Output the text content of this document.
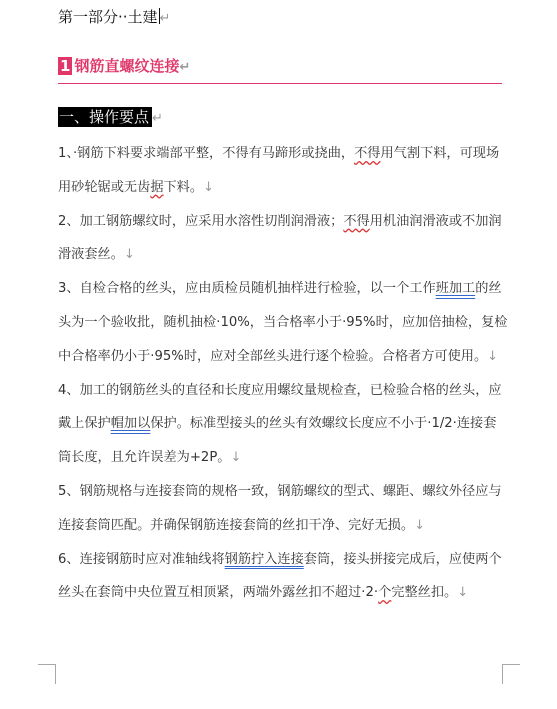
第一部分··土建 ↵
1 钢筋直螺纹连接↵
一、操作要点 ↵

1、·钢筋下料要求端部平整，不得有马蹄形或挠曲，不得用气割下料，可现场用砂轮锯或无齿据下料。↓

2、加工钢筋螺纹时，应采用水溶性切削润滑液；不得用机油润滑液或不加润滑液套丝。↓

3、自检合格的丝头，应由质检员随机抽样进行检验，以一个工作班加工的丝头为一个验收批，随机抽检·10%，当合格率小于·95%时，应加倍抽检，复检中合格率仍小于·95%时，应对全部丝头进行逐个检验。合格者方可使用。↓

4、加工的钢筋丝头的直径和长度应用螺纹量规检查，已检验合格的丝头，应戴上保护帽加以保护。标准型接头的丝头有效螺纹长度应不小于·1/2·连接套筒长度，且允许误差为+2P。↓

5、钢筋规格与连接套筒的规格一致，钢筋螺纹的型式、螺距、螺纹外径应与连接套筒匹配。并确保钢筋连接套筒的丝扣干净、完好无损。↓

6、连接钢筋时应对准轴线将钢筋拧入连接套筒，接头拼接完成后，应使两个丝头在套筒中央位置互相顶紧，两端外露丝扣不超过·2·个完整丝扣。↓
